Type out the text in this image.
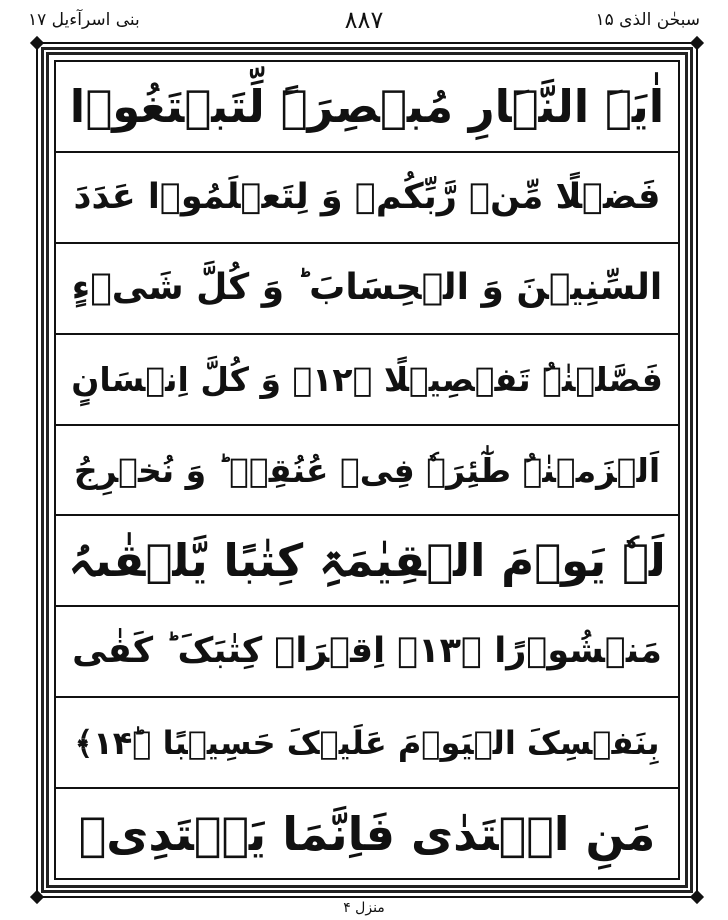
بنی اسرآءیل ۱۷	۸۸۷	سبحٰن الذی ۱۵
اٰیَۃَ النَّہَارِ مُبۡصِرَۃً لِّتَبۡتَغُوۡا
فَضۡلًا مِّنۡ رَّبِّکُمۡ وَ لِتَعۡلَمُوۡا عَدَدَ
السِّنِیۡنَ وَ الۡحِسَابَ ؕ وَ کُلَّ شَیۡءٍ
فَصَّلۡنٰہُ تَفۡصِیۡلًا ﴿۱۲﴾ وَ کُلَّ اِنۡسَانٍ
اَلۡزَمۡنٰہُ طٰٓئِرَہٗ فِیۡ عُنُقِہٖ ؕ وَ نُخۡرِجُ
لَہٗ یَوۡمَ الۡقِیٰمَۃِ کِتٰبًا یَّلۡقٰىہُ
مَنۡشُوۡرًا ﴿۱۳﴾ اِقۡرَاۡ کِتٰبَکَ ؕ کَفٰی
بِنَفۡسِکَ الۡیَوۡمَ عَلَیۡکَ حَسِیۡبًا ﴿ؕ۱۴﴾
مَنِ اہۡتَدٰی فَاِنَّمَا یَہۡتَدِیۡ
منزل ۴
